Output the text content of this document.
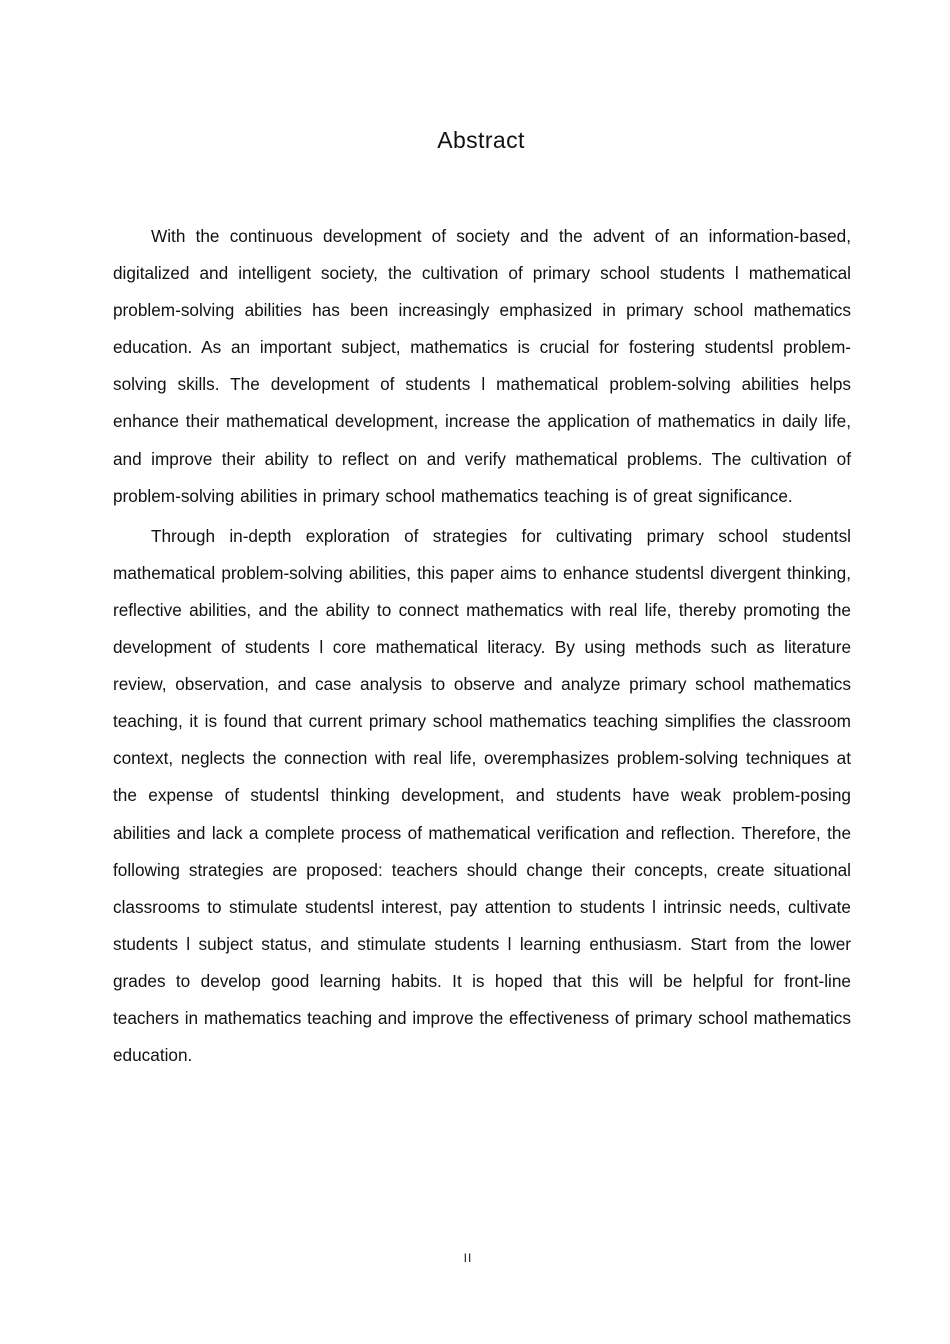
Abstract

With the continuous development of society and the advent of an information-based, digitalized and intelligent society, the cultivation of primary school students l mathematical problem-solving abilities has been increasingly emphasized in primary school mathematics education. As an important subject, mathematics is crucial for fostering studentsl problem-solving skills. The development of students l mathematical problem-solving abilities helps enhance their mathematical development, increase the application of mathematics in daily life, and improve their ability to reflect on and verify mathematical problems. The cultivation of problem-solving abilities in primary school mathematics teaching is of great significance.

Through in-depth exploration of strategies for cultivating primary school studentsl mathematical problem-solving abilities, this paper aims to enhance studentsl divergent thinking, reflective abilities, and the ability to connect mathematics with real life, thereby promoting the development of students l core mathematical literacy. By using methods such as literature review, observation, and case analysis to observe and analyze primary school mathematics teaching, it is found that current primary school mathematics teaching simplifies the classroom context, neglects the connection with real life, overemphasizes problem-solving techniques at the expense of studentsl thinking development, and students have weak problem-posing abilities and lack a complete process of mathematical verification and reflection. Therefore, the following strategies are proposed: teachers should change their concepts, create situational classrooms to stimulate studentsl interest, pay attention to students l intrinsic needs, cultivate students l subject status, and stimulate students l learning enthusiasm. Start from the lower grades to develop good learning habits. It is hoped that this will be helpful for front-line teachers in mathematics teaching and improve the effectiveness of primary school mathematics education.

II
